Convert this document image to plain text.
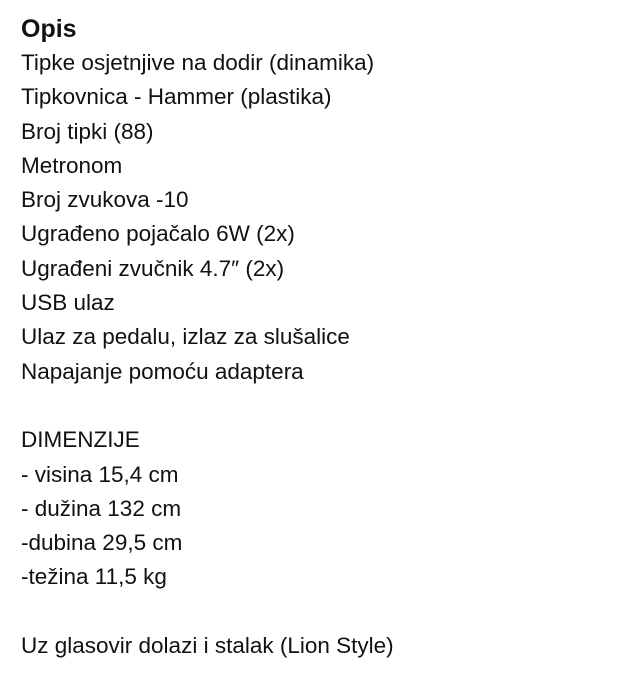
Opis
Tipke osjetnjive na dodir (dinamika)
Tipkovnica - Hammer (plastika)
Broj tipki (88)
Metronom
Broj zvukova -10
Ugrađeno pojačalo 6W (2x)
Ugrađeni zvučnik 4.7″ (2x)
USB ulaz
Ulaz za pedalu, izlaz za slušalice
Napajanje pomoću adaptera
DIMENZIJE
- visina 15,4 cm
- dužina 132 cm
-dubina 29,5 cm
-težina 11,5 kg
Uz glasovir dolazi i stalak (Lion Style)
